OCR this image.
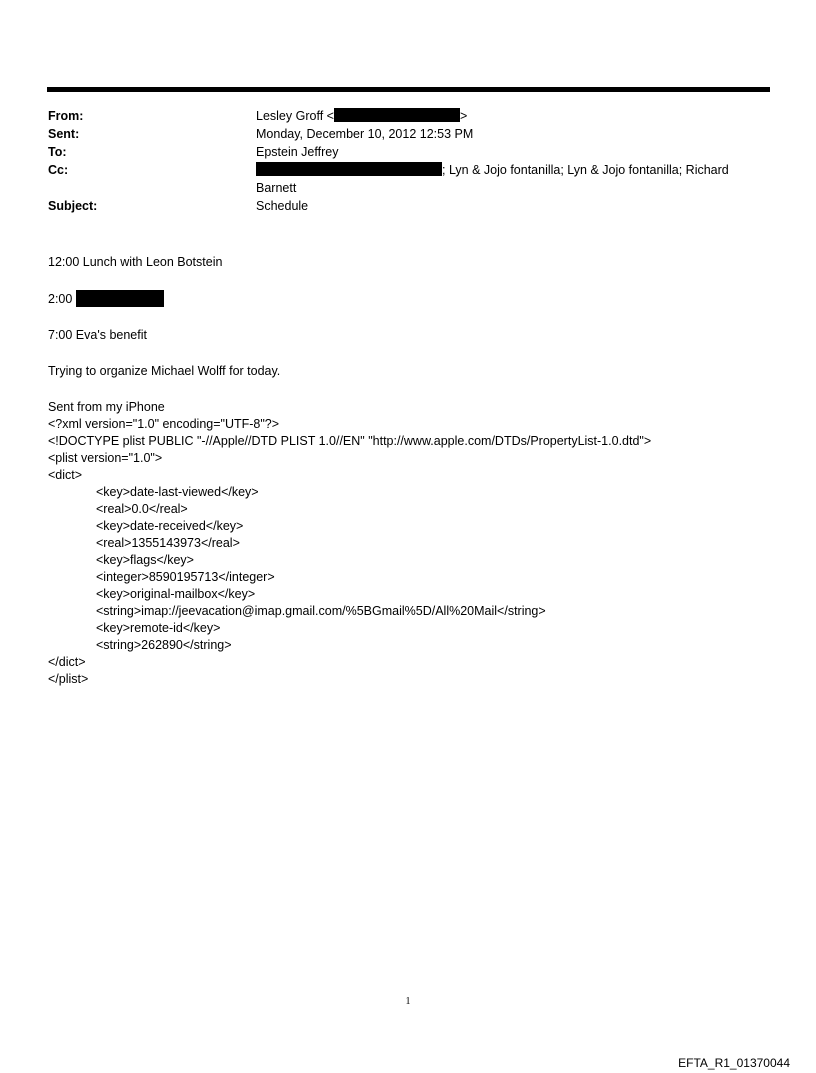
From:	Lesley Groff <	>
Sent:	Monday, December 10, 2012 12:53 PM
To:	Epstein Jeffrey
Cc:	; Lyn & Jojo fontanilla; Lyn & Jojo fontanilla; Richard
Barnett
Subject:	Schedule
12:00 Lunch with Leon Botstein
2:00
7:00 Eva's benefit
Trying to organize Michael Wolff for today.
Sent from my iPhone
<?xml version="1.0" encoding="UTF-8"?>
<!DOCTYPE plist PUBLIC "-//Apple//DTD PLIST 1.0//EN" "http://www.apple.com/DTDs/PropertyList-1.0.dtd">
<plist version="1.0">
<dict>
<key>date-last-viewed</key>
<real>0.0</real>
<key>date-received</key>
<real>1355143973</real>
<key>flags</key>
<integer>8590195713</integer>
<key>original-mailbox</key>
<string>imap://jeevacation@imap.gmail.com/%5BGmail%5D/All%20Mail</string>
<key>remote-id</key>
<string>262890</string>
</dict>
</plist>
1
EFTA_R1_01370044
